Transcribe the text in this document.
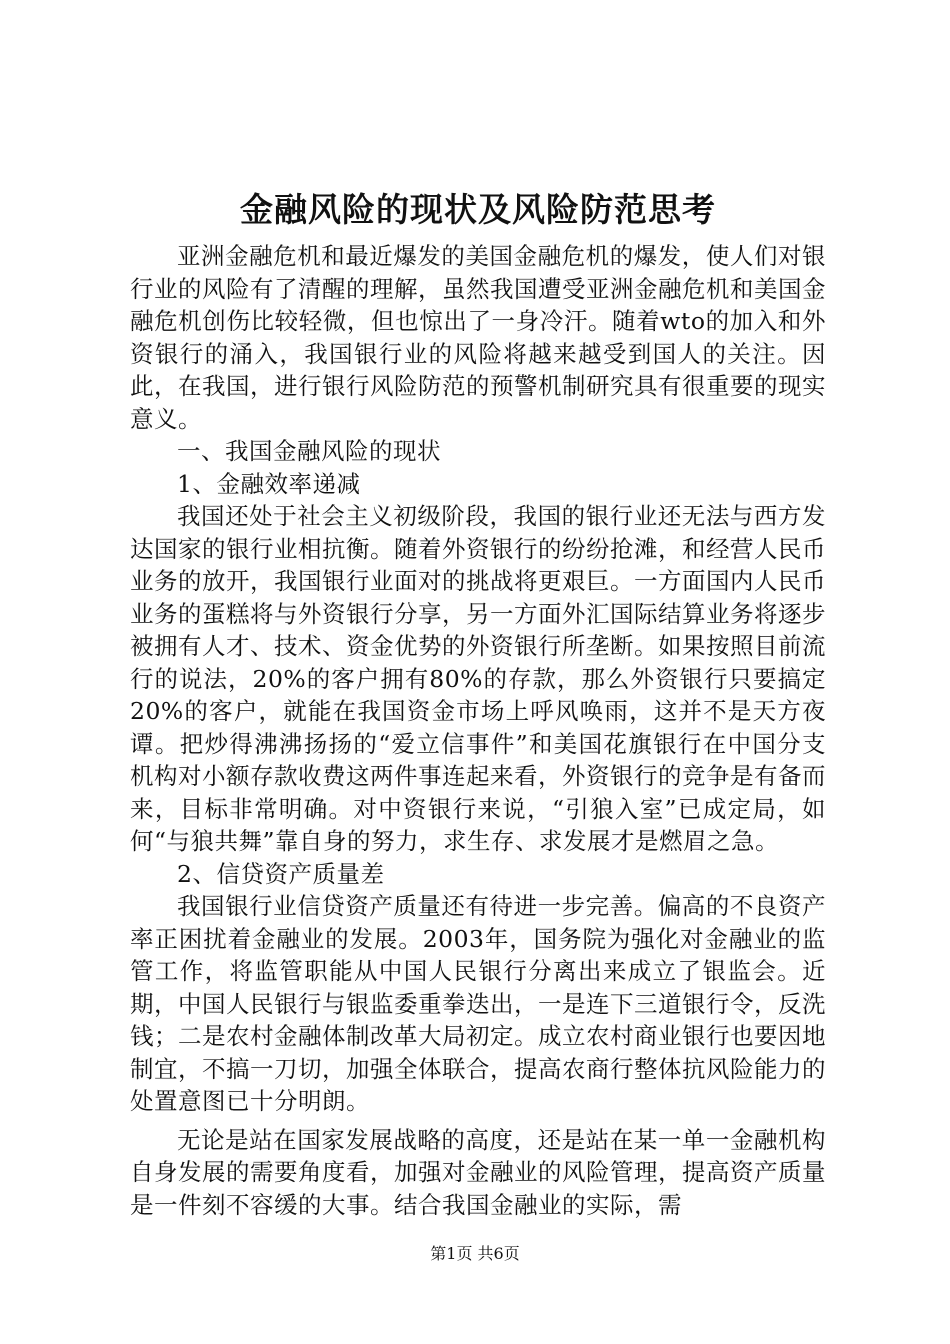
金融风险的现状及风险防范思考

亚洲金融危机和最近爆发的美国金融危机的爆发，使人们对银行业的风险有了清醒的理解，虽然我国遭受亚洲金融危机和美国金融危机创伤比较轻微，但也惊出了一身冷汗。随着wto的加入和外资银行的涌入，我国银行业的风险将越来越受到国人的关注。因此，在我国，进行银行风险防范的预警机制研究具有很重要的现实意义。

一、我国金融风险的现状

1、金融效率递减

我国还处于社会主义初级阶段，我国的银行业还无法与西方发达国家的银行业相抗衡。随着外资银行的纷纷抢滩，和经营人民币业务的放开，我国银行业面对的挑战将更艰巨。一方面国内人民币业务的蛋糕将与外资银行分享，另一方面外汇国际结算业务将逐步被拥有人才、技术、资金优势的外资银行所垄断。如果按照目前流行的说法，20%的客户拥有80%的存款，那么外资银行只要搞定20%的客户，就能在我国资金市场上呼风唤雨，这并不是天方夜谭。把炒得沸沸扬扬的“爱立信事件”和美国花旗银行在中国分支机构对小额存款收费这两件事连起来看，外资银行的竞争是有备而来，目标非常明确。对中资银行来说，“引狼入室”已成定局，如何“与狼共舞”靠自身的努力，求生存、求发展才是燃眉之急。

2、信贷资产质量差

我国银行业信贷资产质量还有待进一步完善。偏高的不良资产率正困扰着金融业的发展。2003年，国务院为强化对金融业的监管工作，将监管职能从中国人民银行分离出来成立了银监会。近期，中国人民银行与银监委重拳迭出，一是连下三道银行令，反洗钱；二是农村金融体制改革大局初定。成立农村商业银行也要因地制宜，不搞一刀切，加强全体联合，提高农商行整体抗风险能力的处置意图已十分明朗。

无论是站在国家发展战略的高度，还是站在某一单一金融机构自身发展的需要角度看，加强对金融业的风险管理，提高资产质量是一件刻不容缓的大事。结合我国金融业的实际，需

第1页 共6页
